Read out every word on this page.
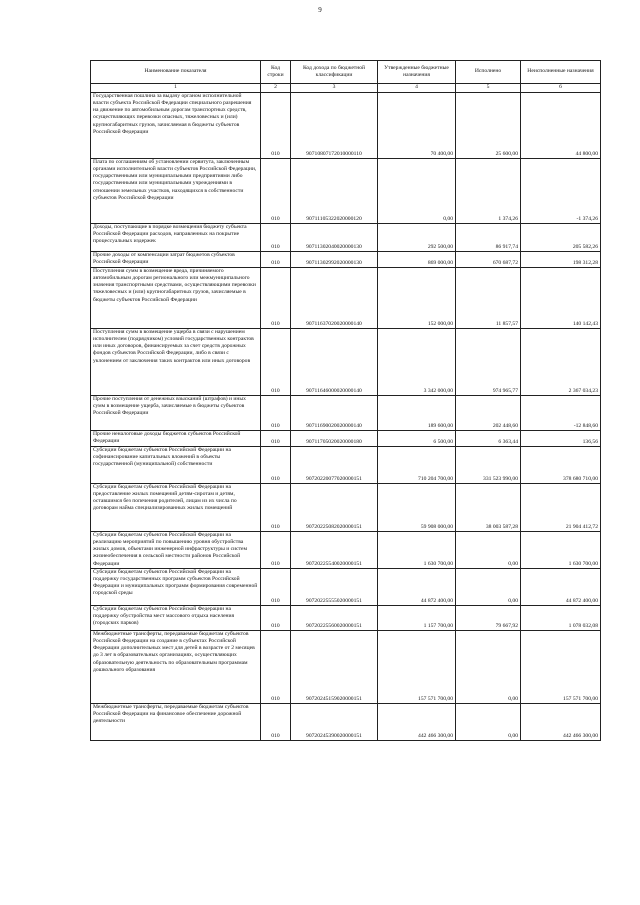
9
Наименование показателя	Код строки	Код дохода по бюджетной классификации	Утвержденные бюджетные назначения	Исполнено	Неисполненные назначения
1	2	3	4	5	6
Государственная пошлина за выдачу органом исполнительной власти субъекта Российской Федерации специального разрешения на движение по автомобильным дорогам транспортных средств, осуществляющих перевозки опасных, тяжеловесных и (или) крупногабаритных грузов, зачисляемая в бюджеты субъектов Российской Федерации	010	90710807172010000110	70 400,00	25 600,00	44 800,00
Плата по соглашениям об установлении сервитута, заключенным органами исполнительной власти субъектов Российской Федерации, государственными или муниципальными предприятиями либо государственными или муниципальными учреждениями в отношении земельных участков, находящихся в собственности субъектов Российской Федерации	010	90711105322020000120	0,00	1 374,26	-1 374,26
Доходы, поступающие в порядке возмещения бюджету субъекта Российской Федерации расходов, направленных на покрытие процессуальных издержек	010	90711302040020000130	292 500,00	86 917,74	205 582,26
Прочие доходы от компенсации затрат бюджетов субъектов Российской Федерации	010	90711302992020000130	869 000,00	670 687,72	198 312,28
Поступления сумм в возмещение вреда, причиняемого автомобильным дорогам регионального или межмуниципального значения транспортными средствами, осуществляющими перевозки тяжеловесных и (или) крупногабаритных грузов, зачисляемые в бюджеты субъектов Российской Федерации	010	90711637020020000140	152 000,00	11 857,57	140 142,43
Поступления сумм в возмещение ущерба в связи с нарушением исполнителем (подрядчиком) условий государственных контрактов или иных договоров, финансируемых за счет средств дорожных фондов субъектов Российской Федерации, либо в связи с уклонением от заключения таких контрактов или иных договоров	010	90711646000020000140	3 342 000,00	974 965,77	2 367 034,23
Прочие поступления от денежных взысканий (штрафов) и иных сумм в возмещение ущерба, зачисляемые в бюджеты субъектов Российской Федерации	010	90711690020020000140	189 600,00	202 448,60	-12 848,60
Прочие неналоговые доходы бюджетов субъектов Российской Федерации	010	90711705020020000180	6 500,00	6 363,44	136,56
Субсидии бюджетам субъектов Российской Федерации на софинансирование капитальных вложений в объекты государственной (муниципальной) собственности	010	90720220077020000151	710 204 700,00	331 523 990,00	378 680 710,00
Субсидии бюджетам субъектов Российской Федерации на предоставление жилых помещений детям-сиротам и детям, оставшимся без попечения родителей, лицам из их числа по договорам найма специализированных жилых помещений	010	90720225082020000151	59 908 000,00	38 003 587,28	21 904 412,72
Субсидии бюджетам субъектов Российской Федерации на реализацию мероприятий по повышению уровня обустройства жилых домов, объектами инженерной инфраструктуры и систем жизнеобеспечения в сельской местности районов Российской Федерации	010	90720225540020000151	1 630 700,00	0,00	1 630 700,00
Субсидии бюджетам субъектов Российской Федерации на поддержку государственных программ субъектов Российской Федерации и муниципальных программ формирования современной городской среды	010	90720225555020000151	44 872 400,00	0,00	44 872 400,00
Субсидии бюджетам субъектов Российской Федерации на поддержку обустройства мест массового отдыха населения (городских парков)	010	90720225560020000151	1 157 700,00	79 667,92	1 078 032,08
Межбюджетные трансферты, передаваемые бюджетам субъектов Российской Федерации на создание в субъектах Российской Федерации дополнительных мест для детей в возрасте от 2 месяцев до 3 лет в образовательных организациях, осуществляющих образовательную деятельность по образовательным программам дошкольного образования	010	90720245159020000151	157 571 700,00	0,00	157 571 700,00
Межбюджетные трансферты, передаваемые бюджетам субъектов Российской Федерации на финансовое обеспечение дорожной деятельности	010	90720245390020000151	442 466 300,00	0,00	442 466 300,00
